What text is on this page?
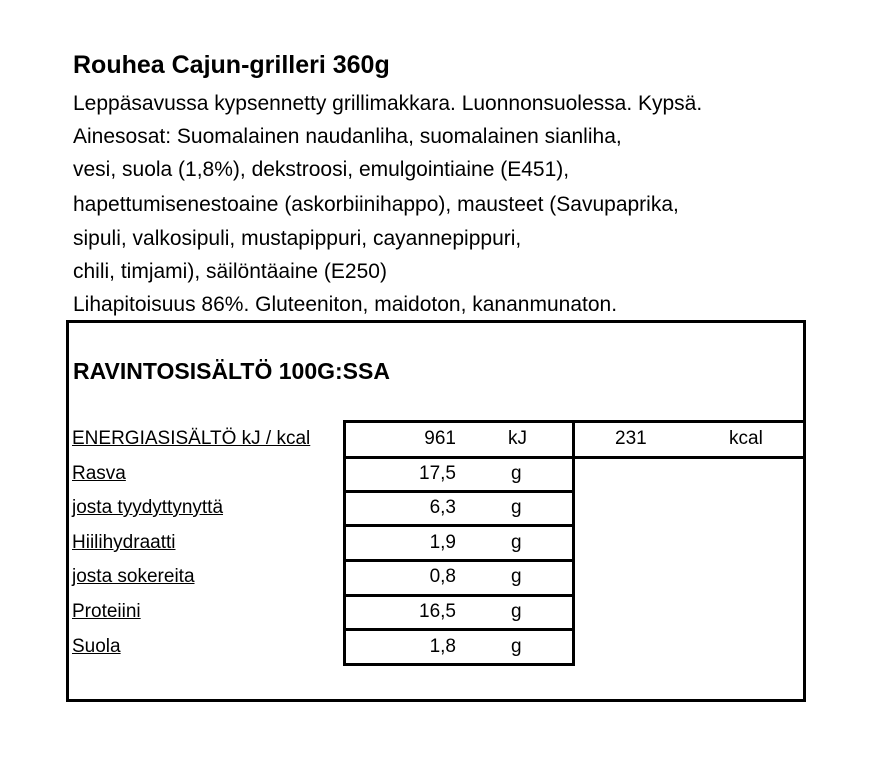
Rouhea Cajun-grilleri 360g
Leppäsavussa kypsennetty grillimakkara. Luonnonsuolessa. Kypsä.
Ainesosat: Suomalainen naudanliha, suomalainen sianliha,
vesi, suola (1,8%), dekstroosi, emulgointiaine (E451),
hapettumisenestoaine (askorbiinihappo), mausteet (Savupaprika,
sipuli, valkosipuli, mustapippuri, cayannepippuri,
chili, timjami), säilöntäaine (E250)
Lihapitoisuus 86%. Gluteeniton, maidoton, kananmunaton.
RAVINTOSISÄLTÖ 100G:SSA
ENERGIASISÄLTÖ kJ / kcal	961	kJ	231	kcal
Rasva	17,5	g
josta tyydyttynyttä	6,3	g
Hiilihydraatti	1,9	g
josta sokereita	0,8	g
Proteiini	16,5	g
Suola	1,8	g
